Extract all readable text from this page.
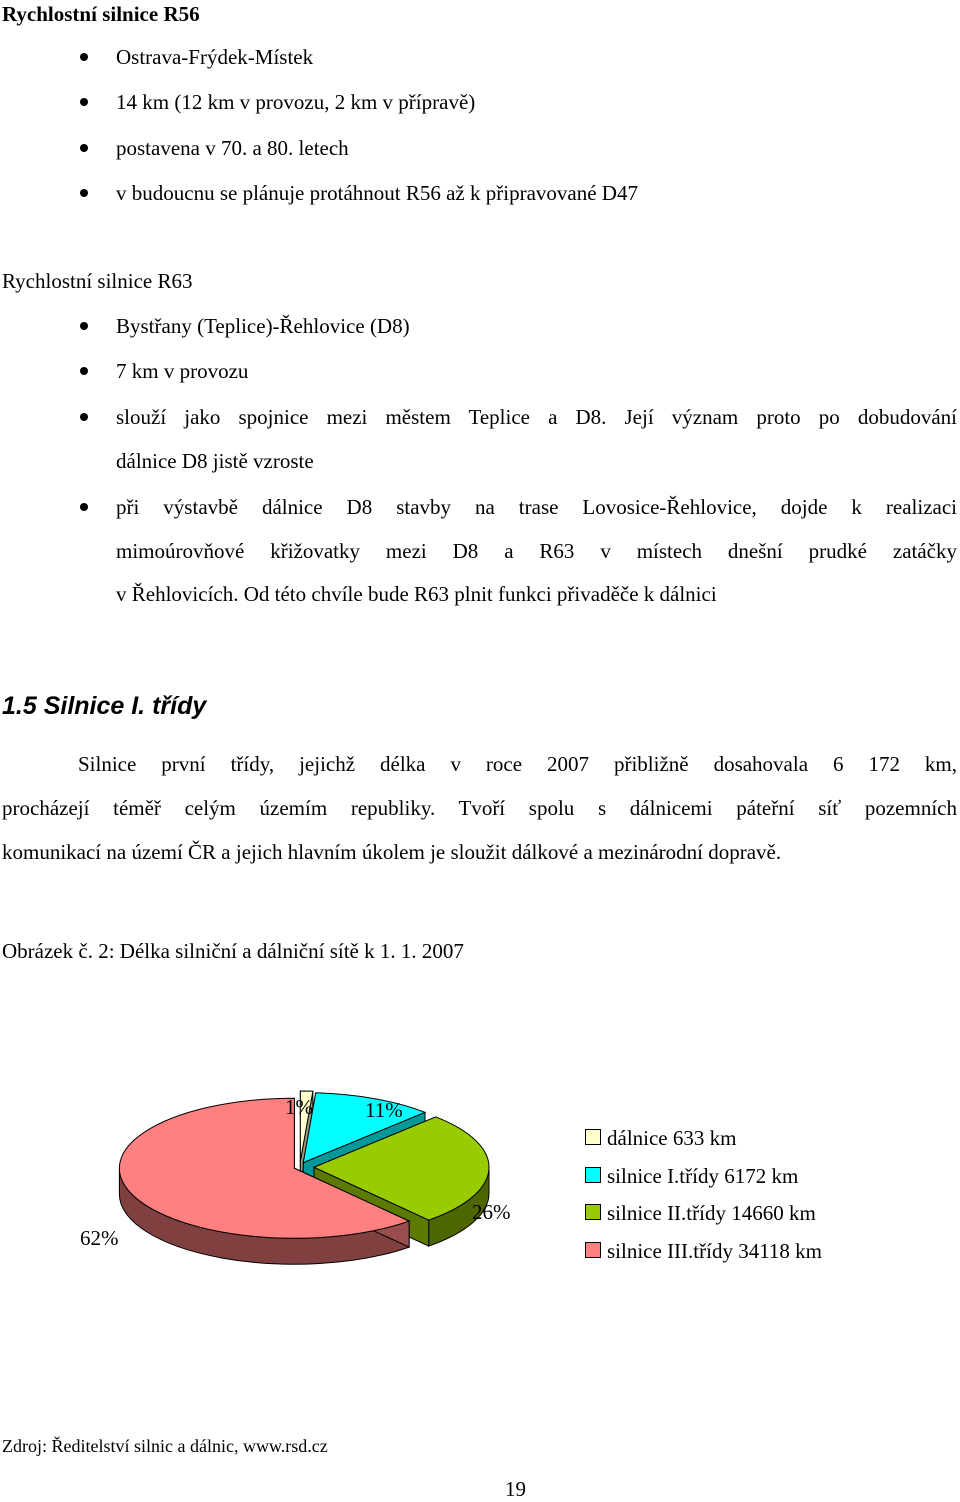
Rychlostní silnice R56
Ostrava-Frýdek-Místek
14 km (12 km v provozu, 2 km v přípravě)
postavena v 70. a 80. letech
v budoucnu se plánuje protáhnout R56 až k připravované D47
Rychlostní silnice R63
Bystřany (Teplice)-Řehlovice (D8)
7 km v provozu
slouží jako spojnice mezi městem Teplice a D8. Její význam proto po dobudování
dálnice D8 jistě vzroste
při výstavbě dálnice D8 stavby na trase Lovosice-Řehlovice, dojde k realizaci
mimoúrovňové křižovatky mezi D8 a R63 v místech dnešní prudké zatáčky
v Řehlovicích. Od této chvíle bude R63 plnit funkci přivaděče k dálnici
1.5 Silnice I. třídy
Silnice první třídy, jejichž délka v roce 2007 přibližně dosahovala 6 172 km,
procházejí téměř celým územím republiky. Tvoří spolu s dálnicemi páteřní síť pozemních
komunikací na území ČR a jejich hlavním úkolem je sloužit dálkové a mezinárodní dopravě.
Obrázek č. 2: Délka silniční a dálniční sítě k 1. 1. 2007
1% 11%
26%
62%
dálnice 633 km
silnice I.třídy 6172 km
silnice II.třídy 14660 km
silnice III.třídy 34118 km
Zdroj: Ředitelství silnic a dálnic, www.rsd.cz
19
